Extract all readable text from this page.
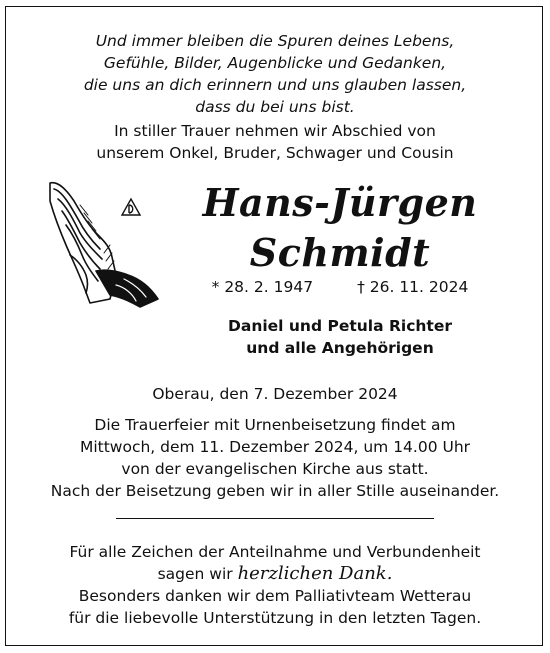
Und immer bleiben die Spuren deines Lebens,
Gefühle, Bilder, Augenblicke und Gedanken,
die uns an dich erinnern und uns glauben lassen,
dass du bei uns bist.
In stiller Trauer nehmen wir Abschied von
unserem Onkel, Bruder, Schwager und Cousin
Hans-Jürgen
Schmidt
* 28. 2. 1947	† 26. 11. 2024
Daniel und Petula Richter
und alle Angehörigen
Oberau, den 7. Dezember 2024
Die Trauerfeier mit Urnenbeisetzung findet am
Mittwoch, dem 11. Dezember 2024, um 14.00 Uhr
von der evangelischen Kirche aus statt.
Nach der Beisetzung geben wir in aller Stille auseinander.
Für alle Zeichen der Anteilnahme und Verbundenheit
sagen wir herzlichen Dank.
Besonders danken wir dem Palliativteam Wetterau
für die liebevolle Unterstützung in den letzten Tagen.
